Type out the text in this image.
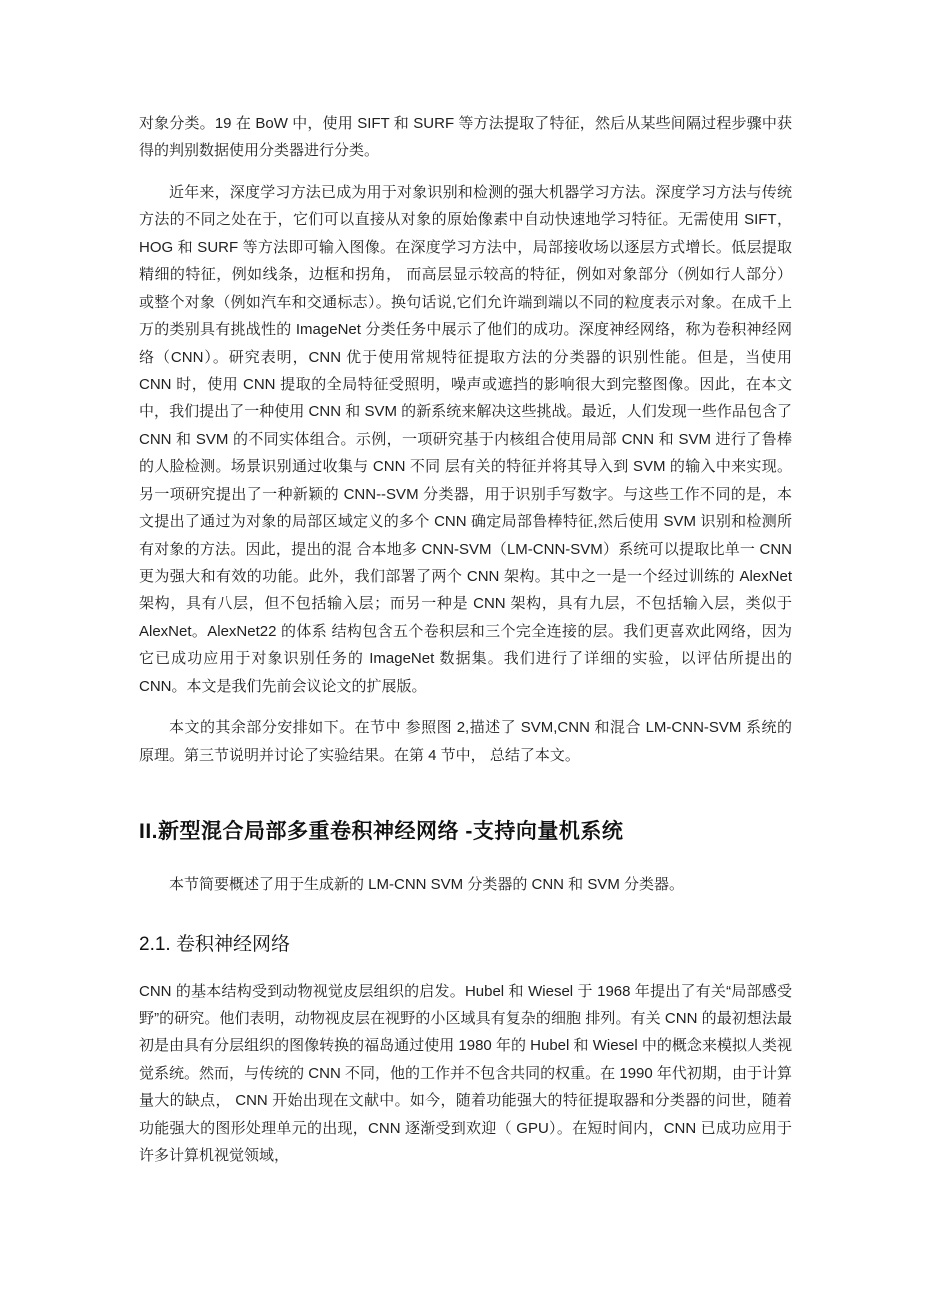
对象分类。19 在 BoW 中，使用 SIFT 和 SURF 等方法提取了特征，然后从某些间隔过程步骤中获得的判别数据使用分类器进行分类。

近年来，深度学习方法已成为用于对象识别和检测的强大机器学习方法。深度学习方法与传统方法的不同之处在于，它们可以直接从对象的原始像素中自动快速地学习特征。无需使用 SIFT，HOG 和 SURF 等方法即可输入图像。在深度学习方法中，局部接收场以逐层方式增长。低层提取精细的特征，例如线条，边框和拐角， 而高层显示较高的特征，例如对象部分（例如行人部分） 或整个对象（例如汽车和交通标志）。换句话说,它们允许端到端以不同的粒度表示对象。在成千上万的类别具有挑战性的 ImageNet 分类任务中展示了他们的成功。深度神经网络，称为卷积神经网络（CNN）。研究表明，CNN 优于使用常规特征提取方法的分类器的识别性能。但是，当使用 CNN 时，使用 CNN 提取的全局特征受照明，噪声或遮挡的影响很大到完整图像。因此，在本文中，我们提出了一种使用 CNN 和 SVM 的新系统来解决这些挑战。最近，人们发现一些作品包含了 CNN 和 SVM 的不同实体组合。示例，一项研究基于内核组合使用局部 CNN 和 SVM 进行了鲁棒的人脸检测。场景识别通过收集与 CNN 不同 层有关的特征并将其导入到 SVM 的输入中来实现。另一项研究提出了一种新颖的 CNN--SVM 分类器，用于识别手写数字。与这些工作不同的是，本文提出了通过为对象的局部区域定义的多个 CNN 确定局部鲁棒特征,然后使用 SVM 识别和检测所有对象的方法。因此，提出的混 合本地多 CNN-SVM（LM-CNN-SVM）系统可以提取比单一 CNN 更为强大和有效的功能。此外，我们部署了两个 CNN 架构。其中之一是一个经过训练的 AlexNet 架构，具有八层，但不包括输入层；而另一种是 CNN 架构，具有九层，不包括输入层，类似于 AlexNet。AlexNet22 的体系 结构包含五个卷积层和三个完全连接的层。我们更喜欢此网络，因为它已成功应用于对象识别任务的 ImageNet 数据集。我们进行了详细的实验，以评估所提出的 CNN。本文是我们先前会议论文的扩展版。

本文的其余部分安排如下。在节中 参照图 2,描述了 SVM,CNN 和混合 LM-CNN-SVM 系统的 原理。第三节说明并讨论了实验结果。在第 4 节中， 总结了本文。

II.新型混合局部多重卷积神经网络 -支持向量机系统

本节简要概述了用于生成新的 LM-CNN SVM 分类器的 CNN 和 SVM 分类器。

2.1. 卷积神经网络

CNN 的基本结构受到动物视觉皮层组织的启发。Hubel 和 Wiesel 于 1968 年提出了有关“局部感受野”的研究。他们表明，动物视皮层在视野的小区域具有复杂的细胞 排列。有关 CNN 的最初想法最初是由具有分层组织的图像转换的福岛通过使用 1980 年的 Hubel 和 Wiesel 中的概念来模拟人类视觉系统。然而，与传统的 CNN 不同，他的工作并不包含共同的权重。在 1990 年代初期，由于计算量大的缺点， CNN 开始出现在文献中。如今，随着功能强大的特征提取器和分类器的问世，随着功能强大的图形处理单元的出现，CNN 逐渐受到欢迎（ GPU）。在短时间内，CNN 已成功应用于许多计算机视觉领域，
